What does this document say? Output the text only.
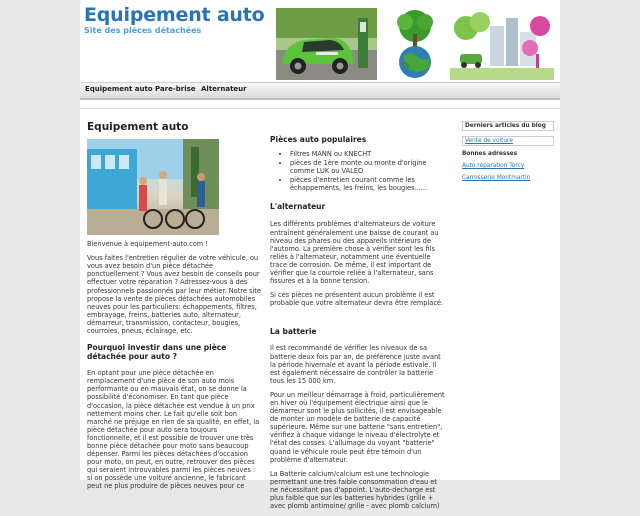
Equipement auto
Site des pièces détachées
Equipement auto Pare-brise Alternateur
Equipement auto

Bienvenue à equipement-auto.com !

Vous faites l'entretien régulier de votre véhicule, ou vous avez besoin d'un pièce détachée ponctuellement ? Vous avez besoin de conseils pour effectuer votre réparation ? Adressez-vous à des professionnels passionnés par leur métier. Notre site propose la vente de pièces détachées automobiles neuves pour les particuliers: échappements, filtres, embrayage, freins, batteries auto, alternateur, démarreur, transmission, contacteur, bougies, courroies, pneus, éclairage, etc.

Pourquoi investir dans une pièce détachée pour auto ?

En optant pour une pièce détachée en remplacement d'une pièce de son auto mois performante ou en mauvais état, on se donne la possibilité d'économiser. En tant que pièce d'occasion, la pièce détachée est vendue à un prix nettement moins cher. Le fait qu'elle soit bon marché ne préjuge en rien de sa qualité, en effet, la pièce détachée pour auto sera toujours fonctionnelle, et il est possible de trouver une très bonne pièce détachée pour moto sans beaucoup dépenser. Parmi les pièces détachées d'occasion pour moto, on peut, en outre, retrouver des pièces qui seraient introuvables parmi les pièces neuves : si on possède une voiture ancienne, le fabricant peut ne plus produire de pièces neuves pour ce

Pièces auto populaires
• Filtres MANN ou KNECHT
• pièces de 1ère monte ou monte d'origine comme LUK ou VALEO
• pièces d'entretien courant comme les échappements, les freins, les bougies......
L'alternateur

Les différents problèmes d'alternateurs de voiture entraînent généralement une baisse de courant au niveau des phares ou des appareils intérieurs de l'automo. La première chose à vérifier sont les fils reliés à l'alternateur, notamment une éventuelle trace de corrosion. De même, il est important de vérifier que la courroie reliée à l'alternateur, sans fissures et à la bonne tension.

Si ces pièces ne présentent aucun problème il est probable que votre alternateur devra être remplacé.

La batterie

Il est recommandé de vérifier les niveaux de sa batterie deux fois par an, de préférence juste avant la période hivernale et avant la période estivale. Il est également nécessaire de contrôler la batterie tous les 15 000 km.

Pour un meilleur démarrage à froid, particulièrement en hiver où l'équipement électrique ainsi que le démarreur sont le plus sollicités, il est envisageable de monter un modèle de batterie de capacité supérieure. Même sur une batterie "sans entretien", vérifiez à chaque vidange le niveau d'électrolyte et l'état des cosses. L'allumage du voyant "batterie" quand le véhicule roule peut être témoin d'un problème d'alternateur.

La Batterie calcium/calcium est une technologie permettant une très faible consommation d'eau et ne nécessitant pas d'appoint. L'auto-decharge est plus faible que sur les batteries hybrides (grille + avec plomb antimoine/ grille - avec plomb calcium)

Derniers articles du blog
Vente de voiture
Bonnes adresses
Auto réparation Torcy
Carrosserie Montmartin
